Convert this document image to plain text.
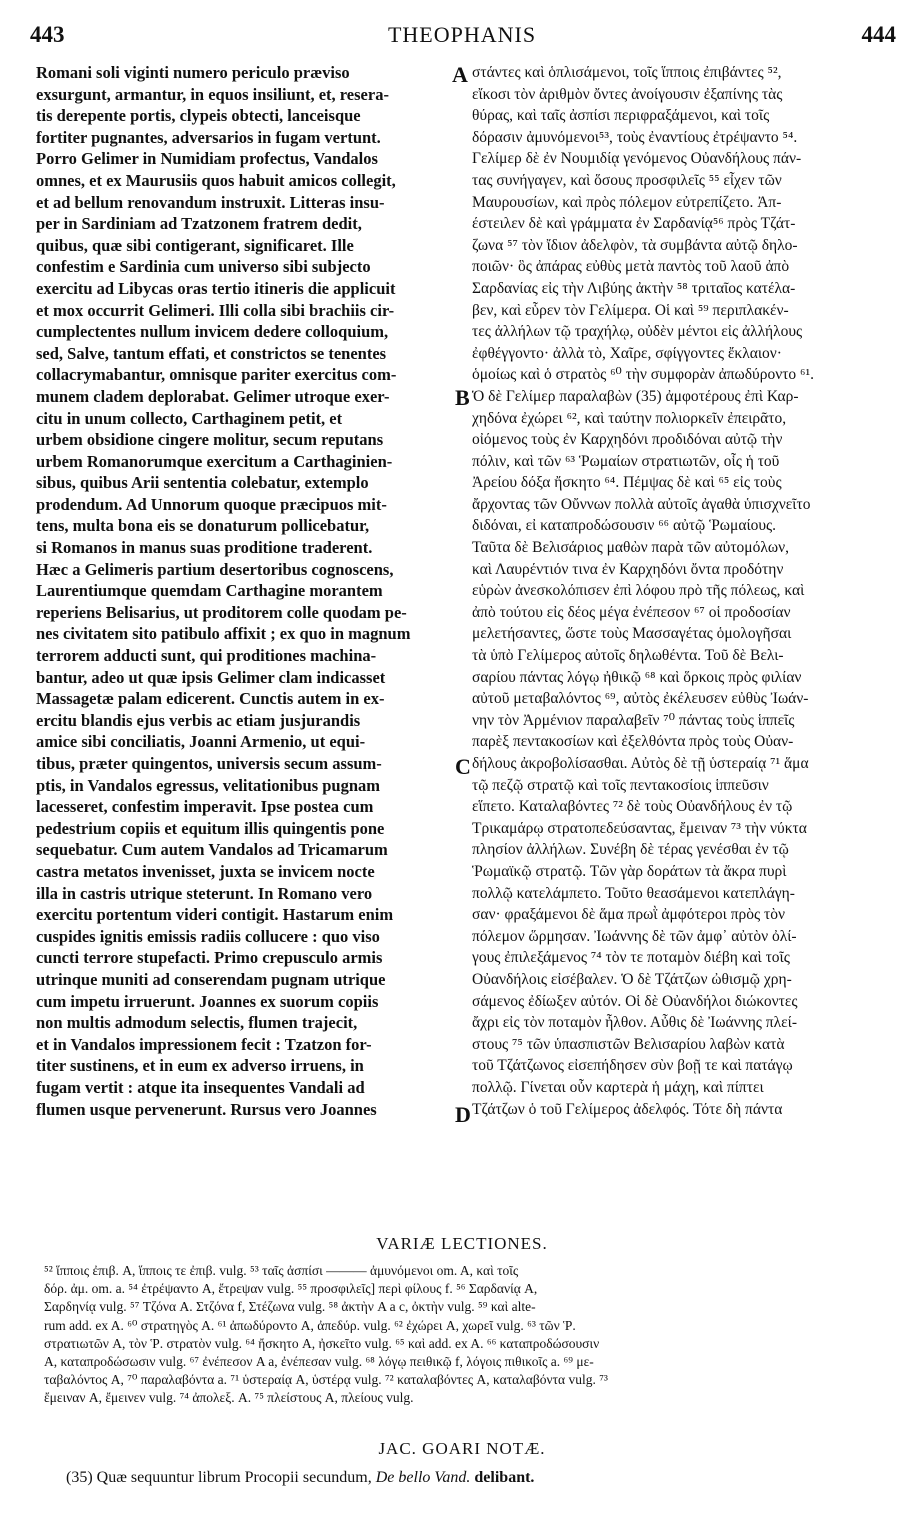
443	THEOPHANIS	444
Romani soli viginti numero periculo præviso
exsurgunt, armantur, in equos insiliunt, et, resera-
tis derepente portis, clypeis obtecti, lanceisque
fortiter pugnantes, adversarios in fugam vertunt.
Porro Gelimer in Numidiam profectus, Vandalos
omnes, et ex Maurusiis quos habuit amicos collegit,
et ad bellum renovandum instruxit. Litteras insu-
per in Sardiniam ad Tzatzonem fratrem dedit,
quibus, quæ sibi contigerant, significaret. Ille
confestim e Sardinia cum universo sibi subjecto
exercitu ad Libycas oras tertio itineris die applicuit
et mox occurrit Gelimeri. Illi colla sibi brachiis cir-
cumplectentes nullum invicem dedere colloquium,
sed, Salve, tantum effati, et constrictos se tenentes
collacrymabantur, omnisque pariter exercitus com-
munem cladem deplorabat. Gelimer utroque exer-
citu in unum collecto, Carthaginem petit, et
urbem obsidione cingere molitur, secum reputans
urbem Romanorumque exercitum a Carthaginien-
sibus, quibus Arii sententia colebatur, extemplo
prodendum. Ad Unnorum quoque præcipuos mit-
tens, multa bona eis se donaturum pollicebatur,
si Romanos in manus suas proditione traderent.
Hæc a Gelimeris partium desertoribus cognoscens,
Laurentiumque quemdam Carthagine morantem
reperiens Belisarius, ut proditorem colle quodam pe-
nes civitatem sito patibulo affixit ; ex quo in magnum
terrorem adducti sunt, qui proditiones machina-
bantur, adeo ut quæ ipsis Gelimer clam indicasset
Massagetæ palam edicerent. Cunctis autem in ex-
ercitu blandis ejus verbis ac etiam jusjurandis
amice sibi conciliatis, Joanni Armenio, ut equi-
tibus, præter quingentos, universis secum assum-
ptis, in Vandalos egressus, velitationibus pugnam
lacesseret, confestim imperavit. Ipse postea cum
pedestrium copiis et equitum illis quingentis pone
sequebatur. Cum autem Vandalos ad Tricamarum
castra metatos invenisset, juxta se invicem nocte
illa in castris utrique steterunt. In Romano vero
exercitu portentum videri contigit. Hastarum enim
cuspides ignitis emissis radiis collucere : quo viso
cuncti terrore stupefacti. Primo crepusculo armis
utrinque muniti ad conserendam pugnam utrique
cum impetu irruerunt. Joannes ex suorum copiis
non multis admodum selectis, flumen trajecit,
et in Vandalos impressionem fecit : Tzatzon for-
titer sustinens, et in eum ex adverso irruens, in
fugam vertit : atque ita insequentes Vandali ad
flumen usque pervenerunt. Rursus vero Joannes
στάντες καὶ ὁπλισάμενοι, τοῖς ἵπποις ἐπιβάντες ⁵²,
εἴκοσι τὸν ἀριθμὸν ὄντες ἀνοίγουσιν ἐξαπίνης τὰς
θύρας, καὶ ταῖς ἀσπίσι περιφραξάμενοι, καὶ τοῖς
δόρασιν ἀμυνόμενοι⁵³, τοὺς ἐναντίους ἐτρέψαντο ⁵⁴.
Γελίμερ δὲ ἐν Νουμιδίᾳ γενόμενος Οὐανδήλους πάν-
τας συνήγαγεν, καὶ ὅσους προσφιλεῖς ⁵⁵ εἶχεν τῶν
Μαυρουσίων, καὶ πρὸς πόλεμον εὐτρεπίζετο. Ἀπ-
έστειλεν δὲ καὶ γράμματα ἐν Σαρδανίᾳ⁵⁶ πρὸς Τζάτ-
ζωνα ⁵⁷ τὸν ἴδιον ἀδελφὸν, τὰ συμβάντα αὐτῷ δηλο-
ποιῶν· ὃς ἀπάρας εὐθὺς μετὰ παντὸς τοῦ λαοῦ ἀπὸ
Σαρδανίας εἰς τὴν Λιβύης ἀκτὴν ⁵⁸ τριταῖος κατέλα-
βεν, καὶ εὗρεν τὸν Γελίμερα. Οἱ καὶ ⁵⁹ περιπλακέν-
τες ἀλλήλων τῷ τραχήλῳ, οὐδὲν μέντοι εἰς ἀλλήλους
ἐφθέγγοντο· ἀλλὰ τὸ, Χαῖρε, σφίγγοντες ἔκλαιον·
ὁμοίως καὶ ὁ στρατὸς ⁶⁰ τὴν συμφορὰν ἀπωδύροντο ⁶¹.
Ὁ δὲ Γελίμερ παραλαβὼν (35) ἀμφοτέρους ἐπὶ Καρ-
χηδόνα ἐχώρει ⁶², καὶ ταύτην πολιορκεῖν ἐπειρᾶτο,
οἰόμενος τοὺς ἐν Καρχηδόνι προδιδόναι αὐτῷ τὴν
πόλιν, καὶ τῶν ⁶³ Ῥωμαίων στρατιωτῶν, οἷς ἡ τοῦ
Ἀρείου δόξα ἤσκητο ⁶⁴. Πέμψας δὲ καὶ ⁶⁵ εἰς τοὺς
ἄρχοντας τῶν Οὔννων πολλὰ αὐτοῖς ἀγαθὰ ὑπισχνεῖτο
διδόναι, εἰ καταπροδώσουσιν ⁶⁶ αὐτῷ Ῥωμαίους.
Ταῦτα δὲ Βελισάριος μαθὼν παρὰ τῶν αὐτομόλων,
καὶ Λαυρέντιόν τινα ἐν Καρχηδόνι ὄντα προδότην
εὑρὼν ἀνεσκολόπισεν ἐπὶ λόφου πρὸ τῆς πόλεως, καὶ
ἀπὸ τούτου εἰς δέος μέγα ἐνέπεσον ⁶⁷ οἱ προδοσίαν
μελετήσαντες, ὥστε τοὺς Μασσαγέτας ὁμολογῆσαι
τὰ ὑπὸ Γελίμερος αὐτοῖς δηλωθέντα. Τοῦ δὲ Βελι-
σαρίου πάντας λόγῳ ἠθικῷ ⁶⁸ καὶ ὅρκοις πρὸς φιλίαν
αὐτοῦ μεταβαλόντος ⁶⁹, αὐτὸς ἐκέλευσεν εὐθὺς Ἰωάν-
νην τὸν Ἀρμένιον παραλαβεῖν ⁷⁰ πάντας τοὺς ἱππεῖς
παρὲξ πεντακοσίων καὶ ἐξελθόντα πρὸς τοὺς Οὐαν-
δήλους ἀκροβολίσασθαι. Αὐτὸς δὲ τῇ ὑστεραίᾳ ⁷¹ ἅμα
τῷ πεζῷ στρατῷ καὶ τοῖς πεντακοσίοις ἱππεῦσιν
εἵπετο. Καταλαβόντες ⁷² δὲ τοὺς Οὐανδήλους ἐν τῷ
Τρικαμάρῳ στρατοπεδεύσαντας, ἔμειναν ⁷³ τὴν νύκτα
πλησίον ἀλλήλων. Συνέβη δὲ τέρας γενέσθαι ἐν τῷ
Ῥωμαϊκῷ στρατῷ. Τῶν γὰρ δοράτων τὰ ἄκρα πυρὶ
πολλῷ κατελάμπετο. Τοῦτο θεασάμενοι κατεπλάγη-
σαν· φραξάμενοι δὲ ἅμα πρωῒ ἀμφότεροι πρὸς τὸν
πόλεμον ὥρμησαν. Ἰωάννης δὲ τῶν ἀμφ᾽ αὐτὸν ὀλί-
γους ἐπιλεξάμενος ⁷⁴ τὸν τε ποταμὸν διέβη καὶ τοῖς
Οὐανδήλοις εἰσέβαλεν. Ὁ δὲ Τζάτζων ὠθισμῷ χρη-
σάμενος ἐδίωξεν αὐτόν. Οἱ δὲ Οὐανδήλοι διώκοντες
ἄχρι εἰς τὸν ποταμὸν ἦλθον. Αὖθις δὲ Ἰωάννης πλεί-
στους ⁷⁵ τῶν ὑπασπιστῶν Βελισαρίου λαβὼν κατὰ
τοῦ Τζάτζωνος εἰσεπήδησεν σὺν βοῇ τε καὶ πατάγῳ
πολλῷ. Γίνεται οὖν καρτερὰ ἡ μάχη, καὶ πίπτει
Τζάτζων ὁ τοῦ Γελίμερος ἀδελφός. Τότε δὴ πάντα
A
B
C
D
VARIÆ LECTIONES.
⁵² ἵπποις ἐπιβ. A, ἵπποις τε ἐπιβ. vulg. ⁵³ ταῖς ἀσπίσι ——— ἀμυνόμενοι om. A, καὶ τοῖς
δόρ. ἀμ. om. a. ⁵⁴ ἐτρέψαντο A, ἔτρεψαν vulg. ⁵⁵ προσφιλεῖς] περὶ φίλους f. ⁵⁶ Σαρδανίᾳ A,
Σαρδηνίᾳ vulg. ⁵⁷ Τζόνα A. Στζόνα f, Στέζωνα vulg. ⁵⁸ ἀκτὴν A a c, ὀκτὴν vulg. ⁵⁹ καὶ alte-
rum add. ex A. ⁶⁰ στρατηγὸς A. ⁶¹ ἀπωδύροντο A, ἀπεδύρ. vulg. ⁶² ἐχώρει A, χωρεῖ vulg. ⁶³ τῶν Ῥ.
στρατιωτῶν A, τὸν Ῥ. στρατὸν vulg. ⁶⁴ ἤσκητο A, ἠσκεῖτο vulg. ⁶⁵ καὶ add. ex A. ⁶⁶ καταπροδώσουσιν
A, καταπροδώσωσιν vulg. ⁶⁷ ἐνέπεσον A a, ἐνέπεσαν vulg. ⁶⁸ λόγῳ πειθικῷ f, λόγοις πιθικοῖς a. ⁶⁹ με-
ταβαλόντος A, ⁷⁰ παραλαβόντα a. ⁷¹ ὑστεραίᾳ A, ὑστέρᾳ vulg. ⁷² καταλαβόντες A, καταλαβόντα vulg. ⁷³
ἔμειναν A, ἔμεινεν vulg. ⁷⁴ ἀπολεξ. A. ⁷⁵ πλείστους A, πλείους vulg.
JAC. GOARI NOTÆ.
(35) Quæ sequuntur librum Procopii secundum, De bello Vand. delibant.
